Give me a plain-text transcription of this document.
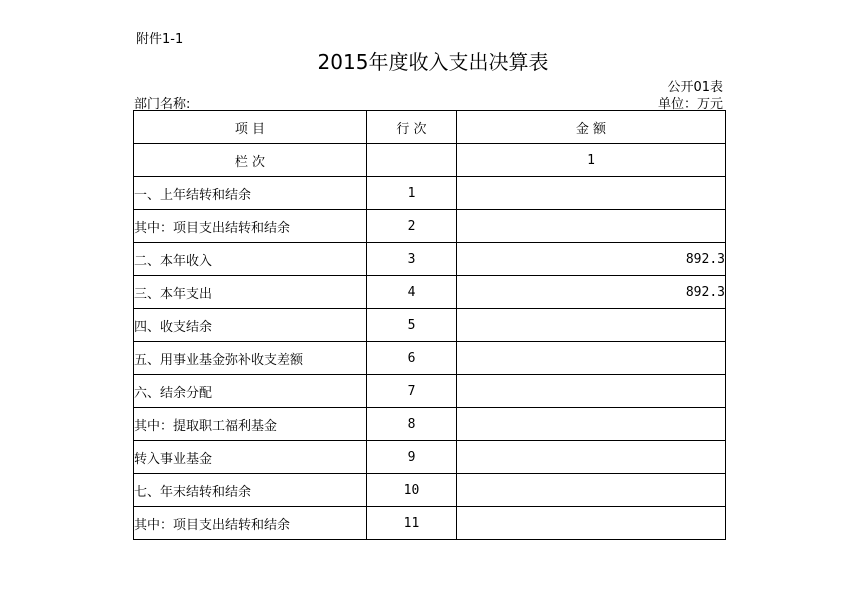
附件1-1
2015年度收入支出决算表
公开01表
部门名称:	单位：万元
项 目	行 次	金 额
栏 次		1
一、上年结转和结余	1	
其中：项目支出结转和结余	2	
二、本年收入	3	892.3
三、本年支出	4	892.3
四、收支结余	5	
五、用事业基金弥补收支差额	6	
六、结余分配	7	
其中：提取职工福利基金	8	
转入事业基金	9	
七、年末结转和结余	10	
其中：项目支出结转和结余	11	
